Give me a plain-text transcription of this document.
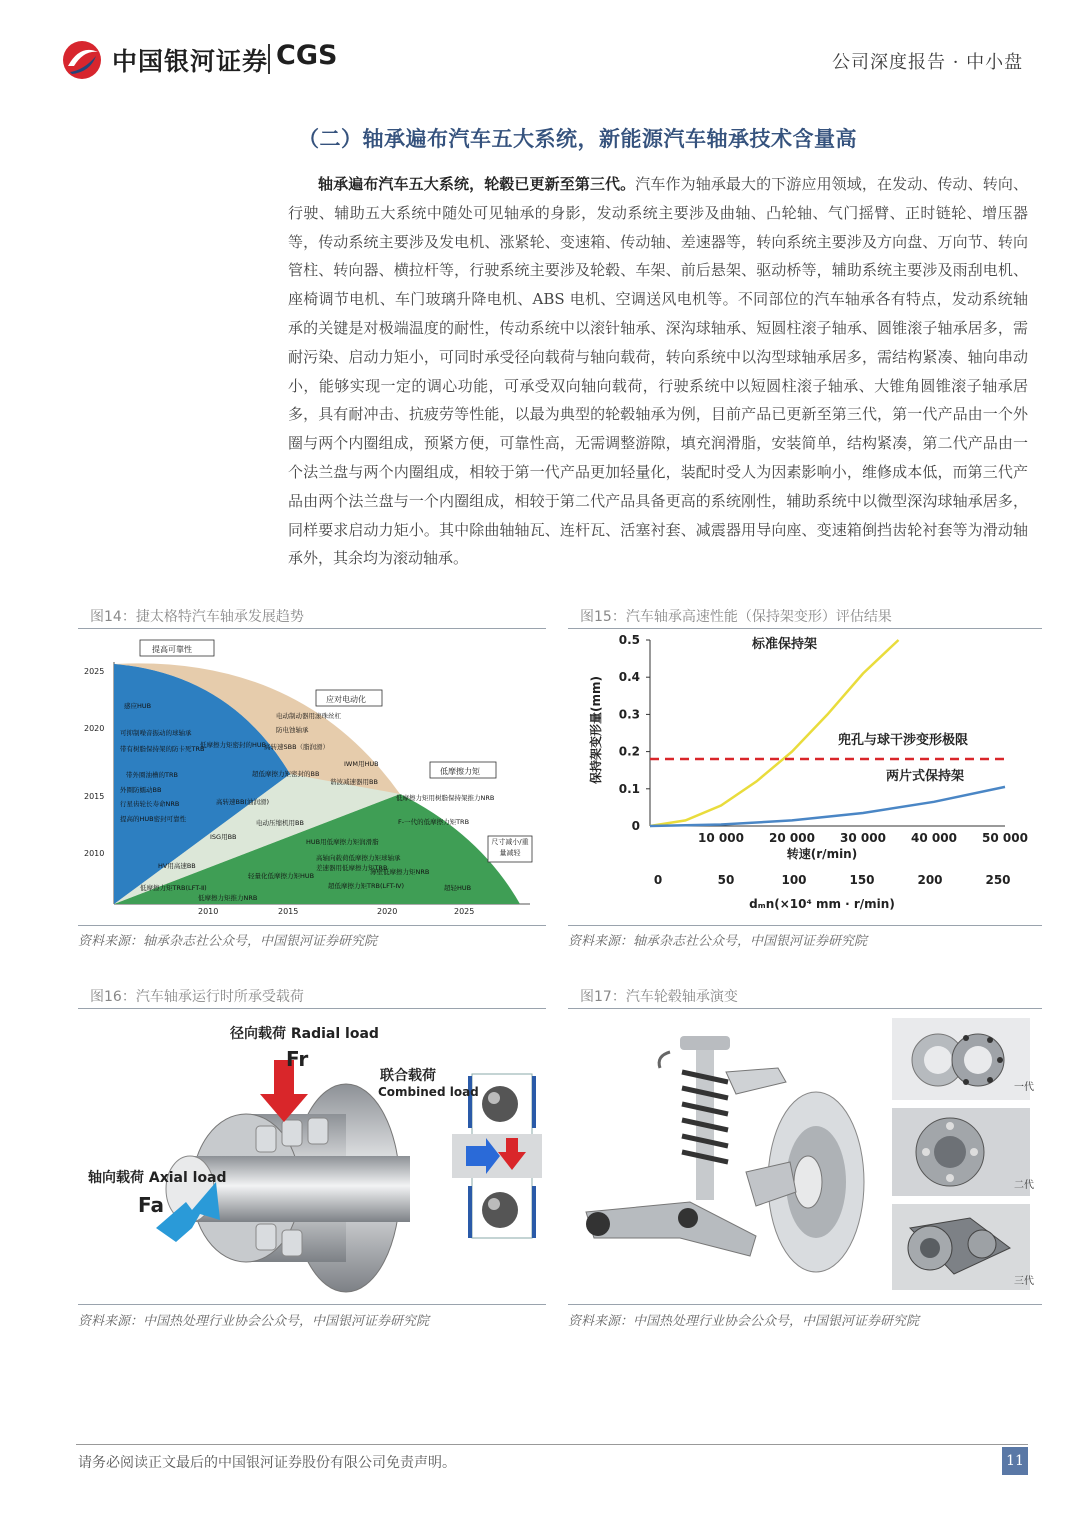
中国银河证券 CGS	公司深度报告 · 中小盘
（二）轴承遍布汽车五大系统，新能源汽车轴承技术含量高

轴承遍布汽车五大系统，轮毂已更新至第三代。汽车作为轴承最大的下游应用领域，在发动、传动、转向、行驶、辅助五大系统中随处可见轴承的身影，发动系统主要涉及曲轴、凸轮轴、气门摇臂、正时链轮、增压器等，传动系统主要涉及发电机、涨紧轮、变速箱、传动轴、差速器等，转向系统主要涉及方向盘、万向节、转向管柱、转向器、横拉杆等，行驶系统主要涉及轮毂、车架、前后悬架、驱动桥等，辅助系统主要涉及雨刮电机、座椅调节电机、车门玻璃升降电机、ABS 电机、空调送风电机等。不同部位的汽车轴承各有特点，发动系统轴承的关键是对极端温度的耐性，传动系统中以滚针轴承、深沟球轴承、短圆柱滚子轴承、圆锥滚子轴承居多，需耐污染、启动力矩小，可同时承受径向载荷与轴向载荷，转向系统中以沟型球轴承居多，需结构紧凑、轴向串动小，能够实现一定的调心功能，可承受双向轴向载荷，行驶系统中以短圆柱滚子轴承、大锥角圆锥滚子轴承居多，具有耐冲击、抗疲劳等性能，以最为典型的轮毂轴承为例，目前产品已更新至第三代，第一代产品由一个外圈与两个内圈组成，预紧方便，可靠性高，无需调整游隙，填充润滑脂，安装简单，结构紧凑，第二代产品由一个法兰盘与两个内圈组成，相较于第一代产品更加轻量化，装配时受人为因素影响小，维修成本低，而第三代产品由两个法兰盘与一个内圈组成，相较于第二代产品具备更高的系统刚性，辅助系统中以微型深沟球轴承居多，同样要求启动力矩小。其中除曲轴轴瓦、连杆瓦、活塞衬套、减震器用导向座、变速箱倒挡齿轮衬套等为滑动轴承外，其余均为滚动轴承。

图14：捷太格特汽车轴承发展趋势
2025
2020
2015
2010
2010	2015	2020	2025
提高可靠性
应对电动化
低摩擦力矩
尺寸减小/重量减轻
感应HUB
可抑制噪音振动的球轴承
带有树脂保持架的防卡死TRB
低摩擦力矩密封的HUB
带外圈油槽的TRB
外圈防蠕动BB
行星齿轮长寿命NRB
提高的HUB密封可靠性
电动制动器用滚珠丝杠
防电蚀轴承
高转速SBB（脂润滑）
IWM用HUB
超低摩擦力矩密封的BB
谐波减速器用BB
高转速BB(油润滑)	低摩擦力矩用树脂保持架推力NRB
ISG用BB
电动压缩机用BB	F-一代的低摩擦力矩TRB
HUB用低摩擦力矩润滑脂
HV用高速BB
高轴向载荷低摩擦力矩球轴承
差速器用低摩擦力矩TRB
轻量化低摩擦力矩HUB	薄壁低摩擦力矩NRB
超低摩擦力矩TRB(LFT-Ⅳ)	超轻HUB
低摩擦力矩TRB(LFT-Ⅱ)
低摩擦力矩推力NRB
资料来源：轴承杂志社公众号，中国银河证券研究院
图15：汽车轴承高速性能（保持架变形）评估结果
0.5
0.4
0.3
0.2
0.1
0
10 000 20 000 30 000 40 000 50 000
0	50	100	150	200	250
保持架变形量(mm)
转速(r/min)
dₘn(×10⁴ mm · r/min)
标准保持架
兜孔与球干涉变形极限
两片式保持架
资料来源：轴承杂志社公众号，中国银河证券研究院
图16：汽车轴承运行时所承受载荷
径向载荷 Radial load
Fr
轴向载荷 Axial load
Fa
联合载荷
Combined load
资料来源：中国热处理行业协会公众号，中国银河证券研究院
图17：汽车轮毂轴承演变
一代
二代
三代
资料来源：中国热处理行业协会公众号，中国银河证券研究院
请务必阅读正文最后的中国银河证券股份有限公司免责声明。	11
